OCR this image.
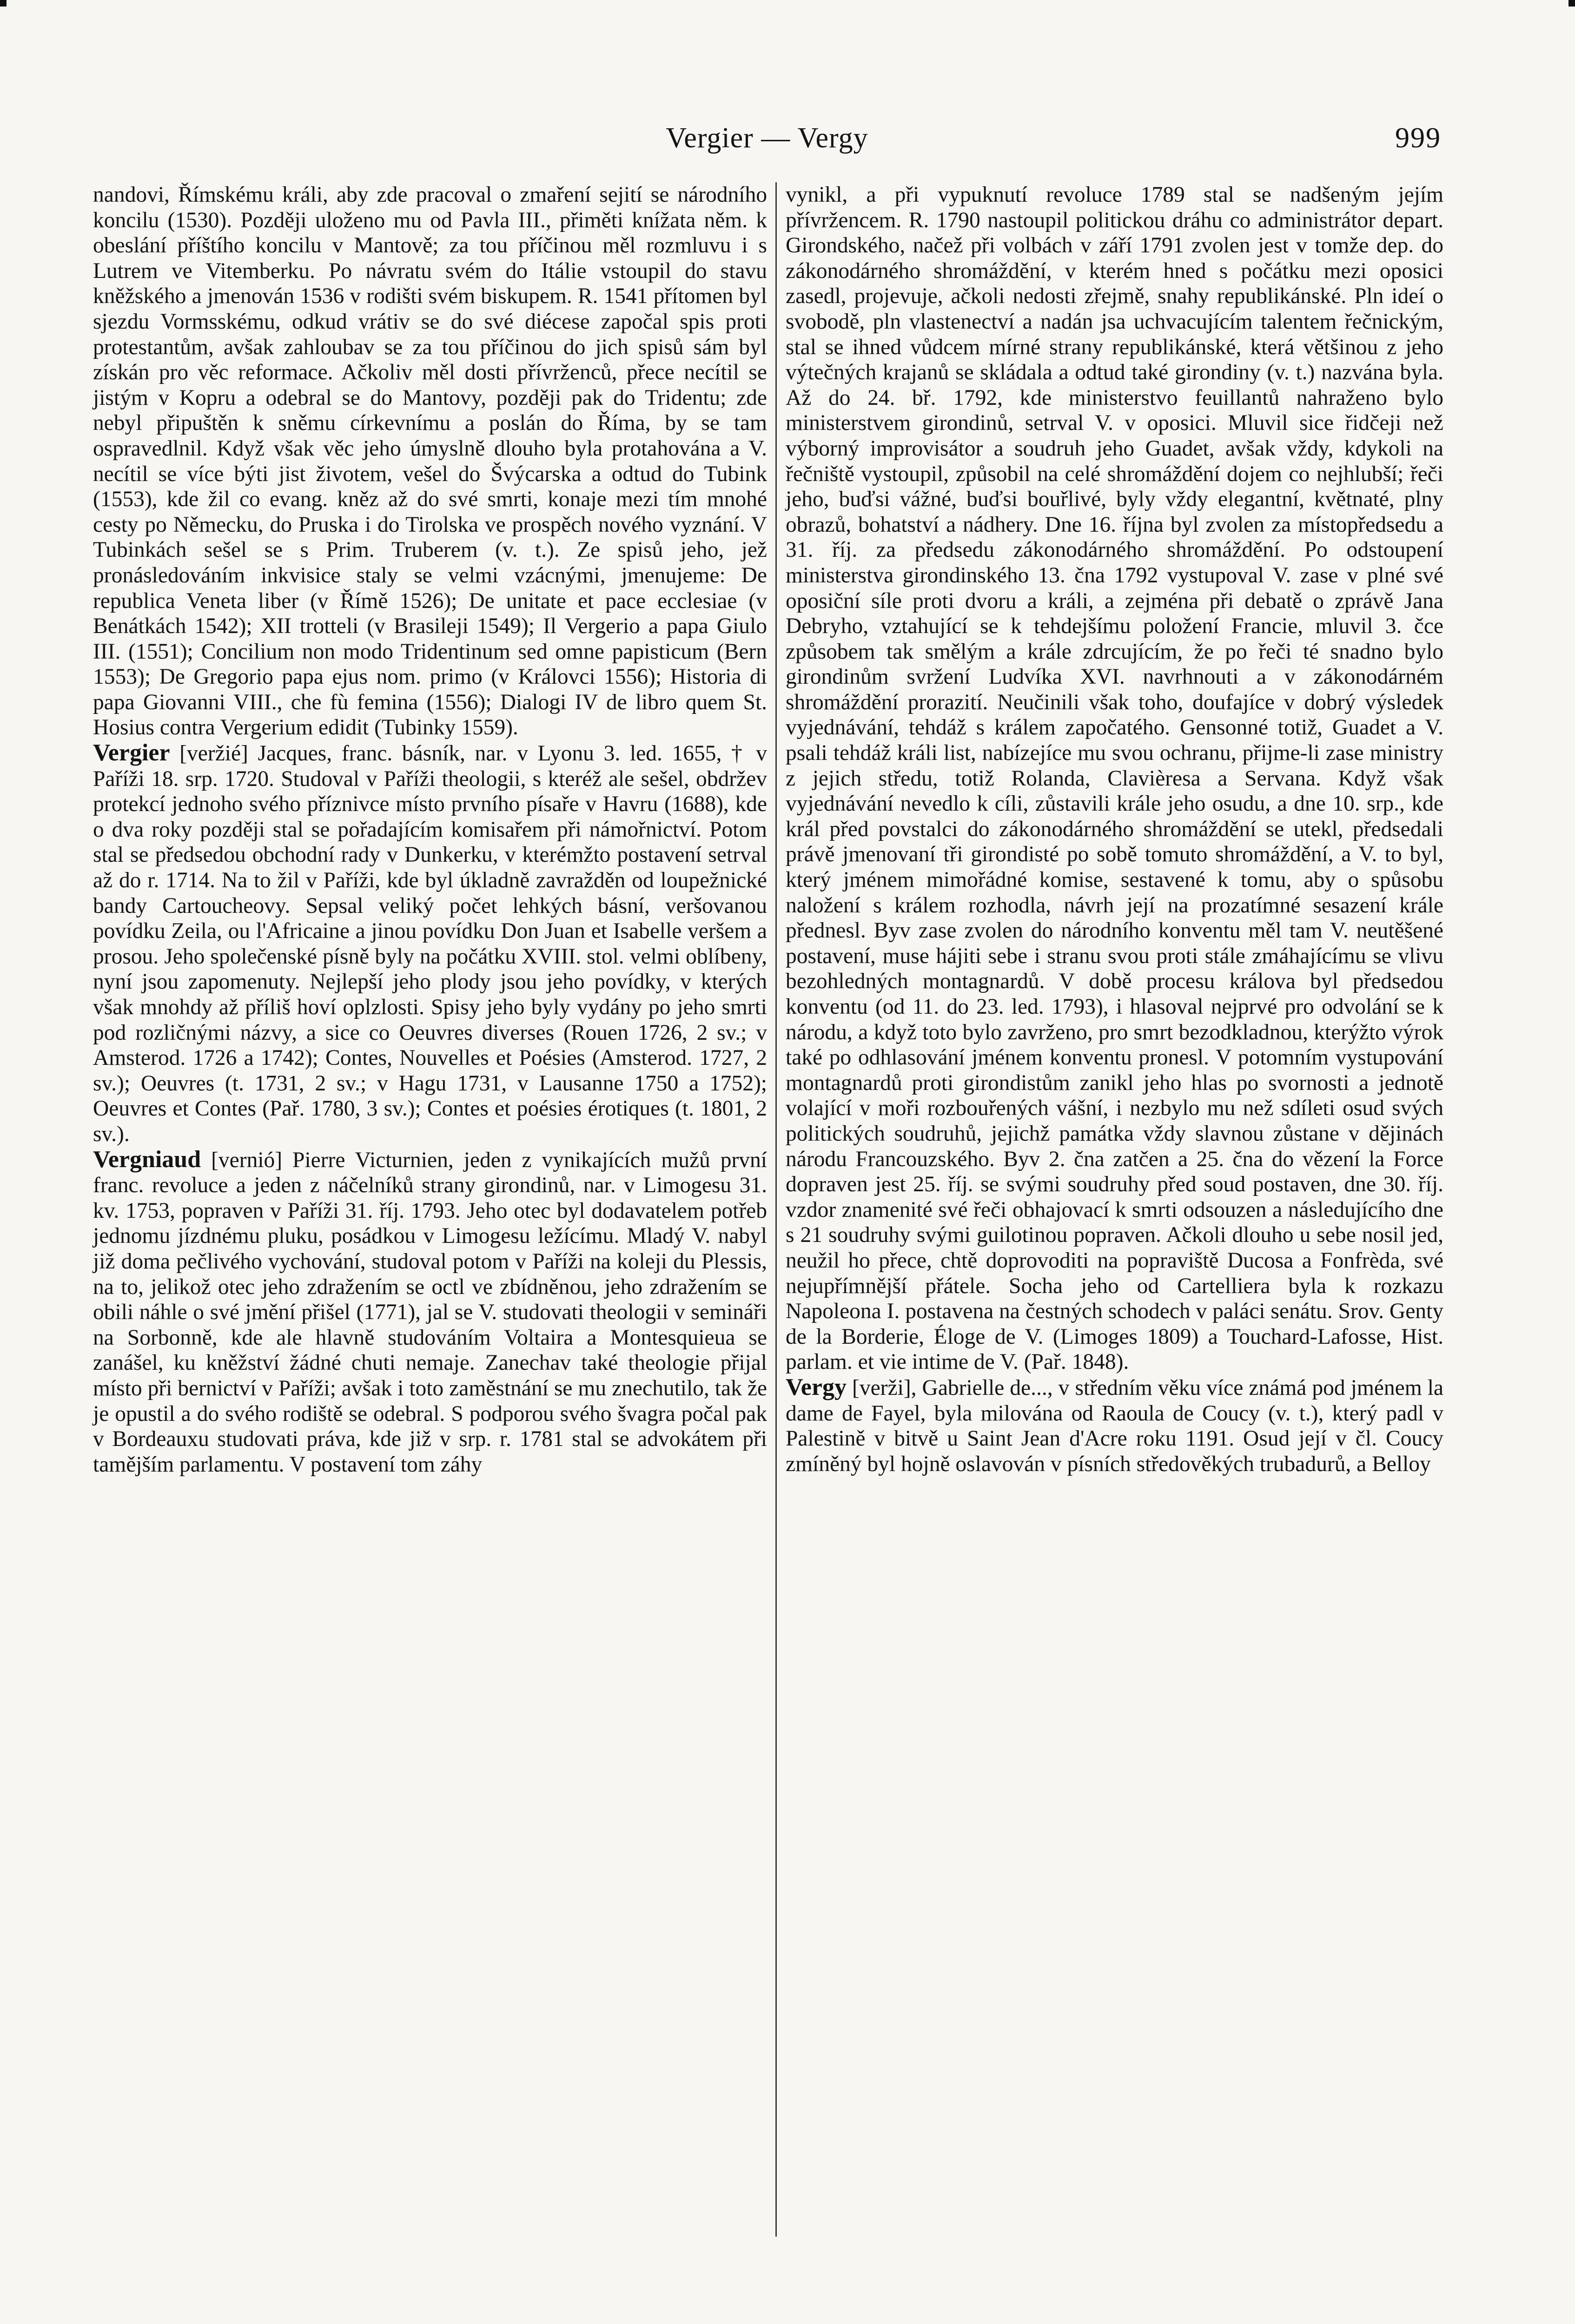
Vergier — Vergy	999

nandovi, Římskému králi, aby zde pracoval o zmaření sejití se národního koncilu (1530). Později uloženo mu od Pavla III., přiměti knížata něm. k obeslání příštího koncilu v Mantově; za tou příčinou měl rozmluvu i s Lutrem ve Vitemberku. Po návratu svém do Itálie vstoupil do stavu kněžského a jmenován 1536 v rodišti svém biskupem. R. 1541 přítomen byl sjezdu Vormsskému, odkud vrátiv se do své diécese započal spis proti protestantům, avšak zahloubav se za tou příčinou do jich spisů sám byl získán pro věc reformace. Ačkoliv měl dosti přívrženců, přece necítil se jistým v Kopru a odebral se do Mantovy, později pak do Tridentu; zde nebyl připuštěn k sněmu církevnímu a poslán do Říma, by se tam ospravedlnil. Když však věc jeho úmyslně dlouho byla protahována a V. necítil se více býti jist životem, vešel do Švýcarska a odtud do Tubink (1553), kde žil co evang. kněz až do své smrti, konaje mezi tím mnohé cesty po Německu, do Pruska i do Tirolska ve prospěch nového vyznání. V Tubinkách sešel se s Prim. Truberem (v. t.). Ze spisů jeho, jež pronásledováním inkvisice staly se velmi vzácnými, jmenujeme: De republica Veneta liber (v Římě 1526); De unitate et pace ecclesiae (v Benátkách 1542); XII trotteli (v Brasileji 1549); Il Vergerio a papa Giulo III. (1551); Concilium non modo Tridentinum sed omne papisticum (Bern 1553); De Gregorio papa ejus nom. primo (v Královci 1556); Historia di papa Giovanni VIII., che fù femina (1556); Dialogi IV de libro quem St. Hosius contra Vergerium edidit (Tubinky 1559).

Vergier [veržié] Jacques, franc. básník, nar. v Lyonu 3. led. 1655, † v Paříži 18. srp. 1720. Studoval v Paříži theologii, s kteréž ale sešel, obdržev protekcí jednoho svého příznivce místo prvního písaře v Havru (1688), kde o dva roky později stal se pořadajícím komisařem při námořnictví. Potom stal se předsedou obchodní rady v Dunkerku, v kterémžto postavení setrval až do r. 1714. Na to žil v Paříži, kde byl úkladně zavražděn od loupežnické bandy Cartoucheovy. Sepsal veliký počet lehkých básní, veršovanou povídku Zeila, ou l'Africaine a jinou povídku Don Juan et Isabelle veršem a prosou. Jeho společenské písně byly na počátku XVIII. stol. velmi oblíbeny, nyní jsou zapomenuty. Nejlepší jeho plody jsou jeho povídky, v kterých však mnohdy až příliš hoví oplzlosti. Spisy jeho byly vydány po jeho smrti pod rozličnými názvy, a sice co Oeuvres diverses (Rouen 1726, 2 sv.; v Amsterod. 1726 a 1742); Contes, Nouvelles et Poésies (Amsterod. 1727, 2 sv.); Oeuvres (t. 1731, 2 sv.; v Hagu 1731, v Lausanne 1750 a 1752); Oeuvres et Contes (Pař. 1780, 3 sv.); Contes et poésies érotiques (t. 1801, 2 sv.).

Vergniaud [vernió] Pierre Victurnien, jeden z vynikajících mužů první franc. revoluce a jeden z náčelníků strany girondinů, nar. v Limogesu 31. kv. 1753, popraven v Paříži 31. říj. 1793. Jeho otec byl dodavatelem potřeb jednomu jízdnému pluku, posádkou v Limogesu ležícímu. Mladý V. nabyl již doma pečlivého vychování, studoval potom v Paříži na koleji du Plessis, na to, jelikož otec jeho zdražením se octl ve zbídněnou, jeho zdražením se obili náhle o své jmění přišel (1771), jal se V. studovati theologii v semináři na Sorbonně, kde ale hlavně studováním Voltaira a Montesquieua se zanášel, ku kněžství žádné chuti nemaje. Zanechav také theologie přijal místo při bernictví v Paříži; avšak i toto zaměstnání se mu znechutilo, tak že je opustil a do svého rodiště se odebral. S podporou svého švagra počal pak v Bordeauxu studovati práva, kde již v srp. r. 1781 stal se advokátem při tamějším parlamentu. V postavení tom záhy

vynikl, a při vypuknutí revoluce 1789 stal se nadšeným jejím přívržencem. R. 1790 nastoupil politickou dráhu co administrátor depart. Girondského, načež při volbách v září 1791 zvolen jest v tomže dep. do zákonodárného shromáždění, v kterém hned s počátku mezi oposici zasedl, projevuje, ačkoli nedosti zřejmě, snahy republikánské. Pln ideí o svobodě, pln vlastenectví a nadán jsa uchvacujícím talentem řečnickým, stal se ihned vůdcem mírné strany republikánské, která většinou z jeho výtečných krajanů se skládala a odtud také girondiny (v. t.) nazvána byla. Až do 24. bř. 1792, kde ministerstvo feuillantů nahraženo bylo ministerstvem girondinů, setrval V. v oposici. Mluvil sice řidčeji než výborný improvisátor a soudruh jeho Guadet, avšak vždy, kdykoli na řečniště vystoupil, způsobil na celé shromáždění dojem co nejhlubší; řeči jeho, buďsi vážné, buďsi bouřlivé, byly vždy elegantní, květnaté, plny obrazů, bohatství a nádhery. Dne 16. října byl zvolen za místopředsedu a 31. říj. za předsedu zákonodárného shromáždění. Po odstoupení ministerstva girondinského 13. čna 1792 vystupoval V. zase v plné své oposiční síle proti dvoru a králi, a zejména při debatě o zprávě Jana Debryho, vztahující se k tehdejšímu položení Francie, mluvil 3. čce způsobem tak smělým a krále zdrcujícím, že po řeči té snadno bylo girondinům svržení Ludvíka XVI. navrhnouti a v zákonodárném shromáždění prorazití. Neučinili však toho, doufajíce v dobrý výsledek vyjednávání, tehdáž s králem započatého. Gensonné totiž, Guadet a V. psali tehdáž králi list, nabízejíce mu svou ochranu, přijme-li zase ministry z jejich středu, totiž Rolanda, Clavièresa a Servana. Když však vyjednávání nevedlo k cíli, zůstavili krále jeho osudu, a dne 10. srp., kde král před povstalci do zákonodárného shromáždění se utekl, předsedali právě jmenovaní tři girondisté po sobě tomuto shromáždění, a V. to byl, který jménem mimořádné komise, sestavené k tomu, aby o spůsobu naložení s králem rozhodla, návrh její na prozatímné sesazení krále přednesl. Byv zase zvolen do národního konventu měl tam V. neutěšené postavení, muse hájiti sebe i stranu svou proti stále zmáhajícímu se vlivu bezohledných montagnardů. V době procesu králova byl předsedou konventu (od 11. do 23. led. 1793), i hlasoval nejprvé pro odvolání se k národu, a když toto bylo zavrženo, pro smrt bezodkladnou, kterýžto výrok také po odhlasování jménem konventu pronesl. V potomním vystupování montagnardů proti girondistům zanikl jeho hlas po svornosti a jednotě volající v moři rozbouřených vášní, i nezbylo mu než sdíleti osud svých politických soudruhů, jejichž památka vždy slavnou zůstane v dějinách národu Francouzského. Byv 2. čna zatčen a 25. čna do vězení la Force dopraven jest 25. říj. se svými soudruhy před soud postaven, dne 30. říj. vzdor znamenité své řeči obhajovací k smrti odsouzen a následujícího dne s 21 soudruhy svými guilotinou popraven. Ačkoli dlouho u sebe nosil jed, neužil ho přece, chtě doprovoditi na popraviště Ducosa a Fonfrèda, své nejupřímnější přátele. Socha jeho od Cartelliera byla k rozkazu Napoleona I. postavena na čestných schodech v paláci senátu. Srov. Genty de la Borderie, Éloge de V. (Limoges 1809) a Touchard-Lafosse, Hist. parlam. et vie intime de V. (Pař. 1848).

Vergy [verži], Gabrielle de..., v středním věku více známá pod jménem la dame de Fayel, byla milována od Raoula de Coucy (v. t.), který padl v Palestině v bitvě u Saint Jean d'Acre roku 1191. Osud její v čl. Coucy zmíněný byl hojně oslavován v písních středověkých trubadurů, a Belloy
